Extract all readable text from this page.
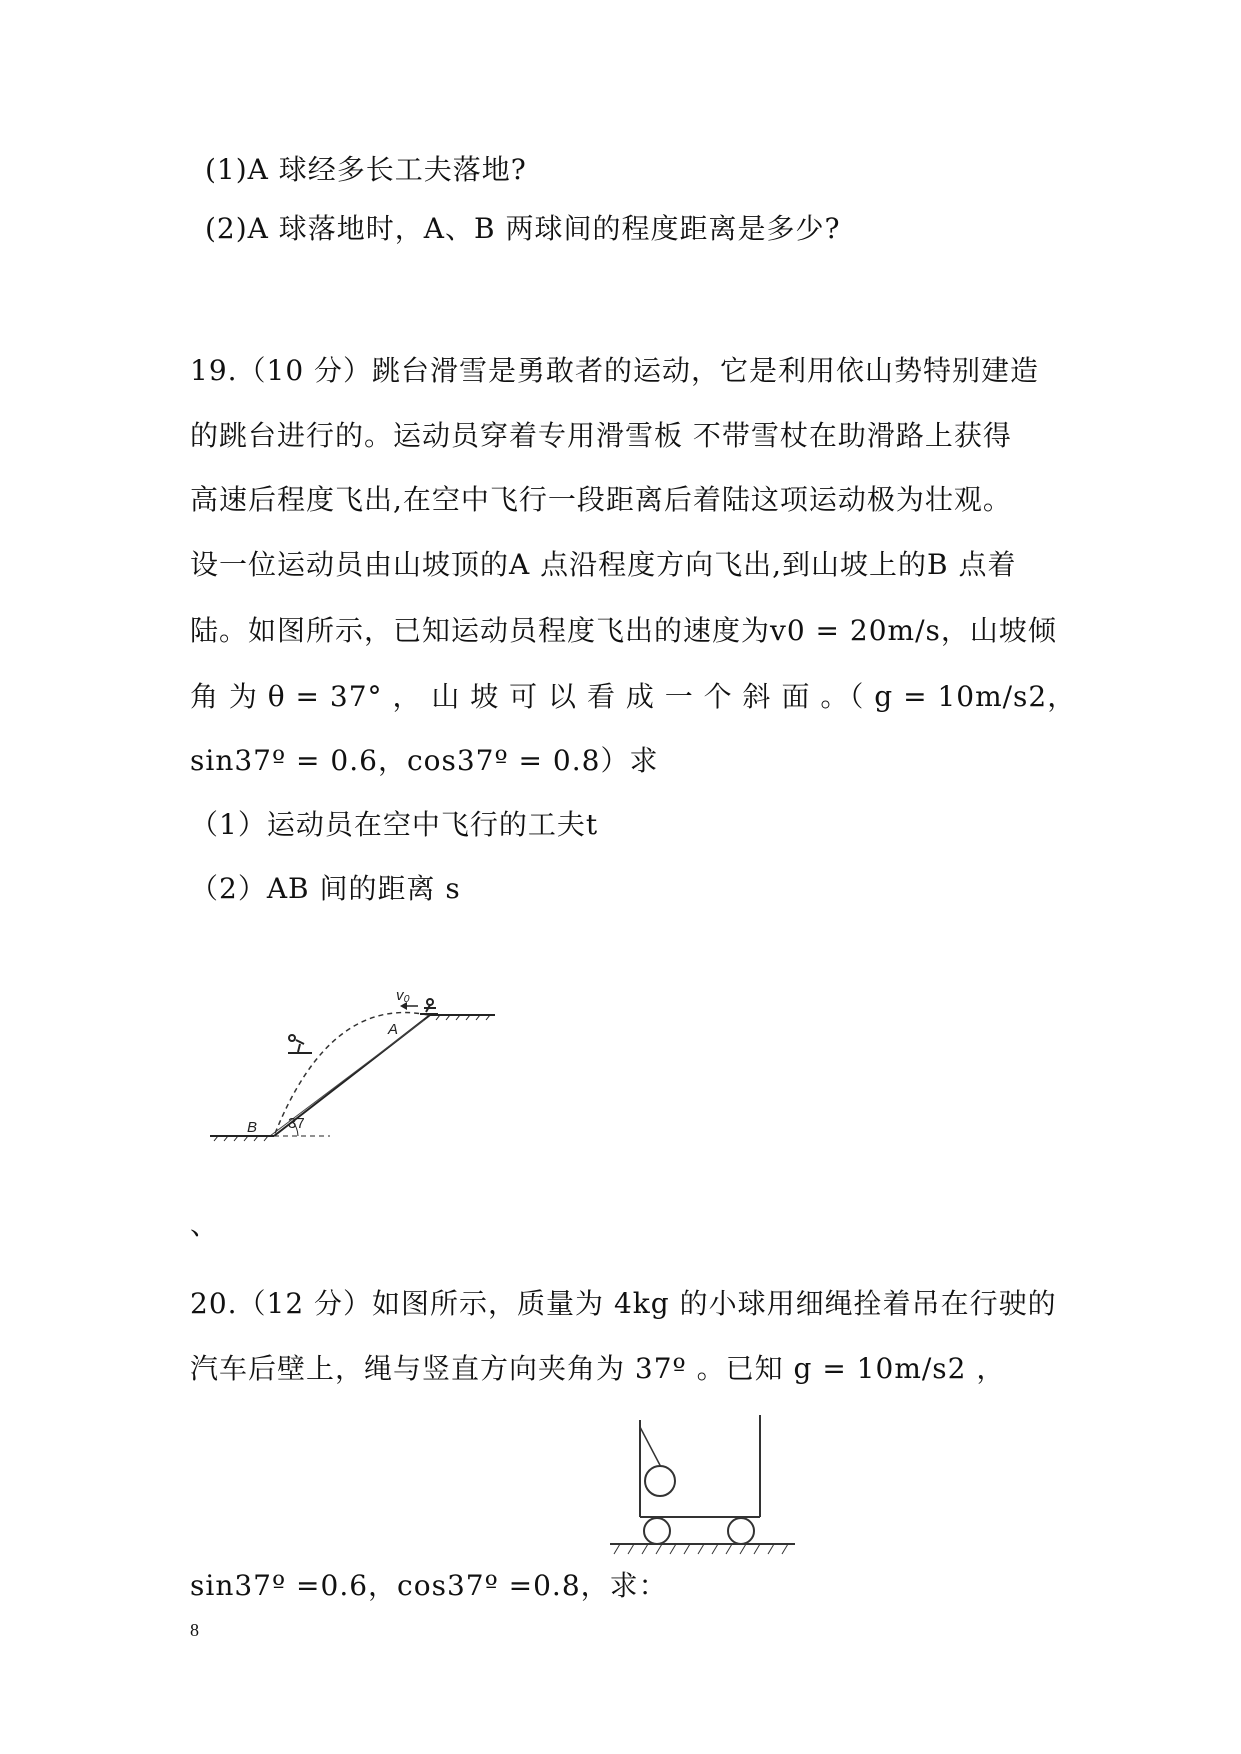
(1)A 球经多长工夫落地?
(2)A 球落地时，A、B 两球间的程度距离是多少?
19.（10 分）跳台滑雪是勇敢者的运动，它是利用依山势特别建造
的跳台进行的。运动员穿着专用滑雪板 不带雪杖在助滑路上获得
高速后程度飞出,在空中飞行一段距离后着陆这项运动极为壮观。
设一位运动员由山坡顶的A 点沿程度方向飞出,到山坡上的B 点着
陆。如图所示，已知运动员程度飞出的速度为v0 = 20m/s，山坡倾
角 为 θ = 37° ， 山 坡 可 以 看 成 一 个 斜 面 。（ g = 10m/s2，
sin37º = 0.6，cos37º = 0.8）求
（1）运动员在空中飞行的工夫t
（2）AB 间的距离 s
v₀
A
B 37
、
20.（12 分）如图所示，质量为 4kg 的小球用细绳拴着吊在行驶的
汽车后壁上，绳与竖直方向夹角为 37º 。已知 g = 10m/s2 ，
sin37º =0.6，cos37º =0.8，求：
8
